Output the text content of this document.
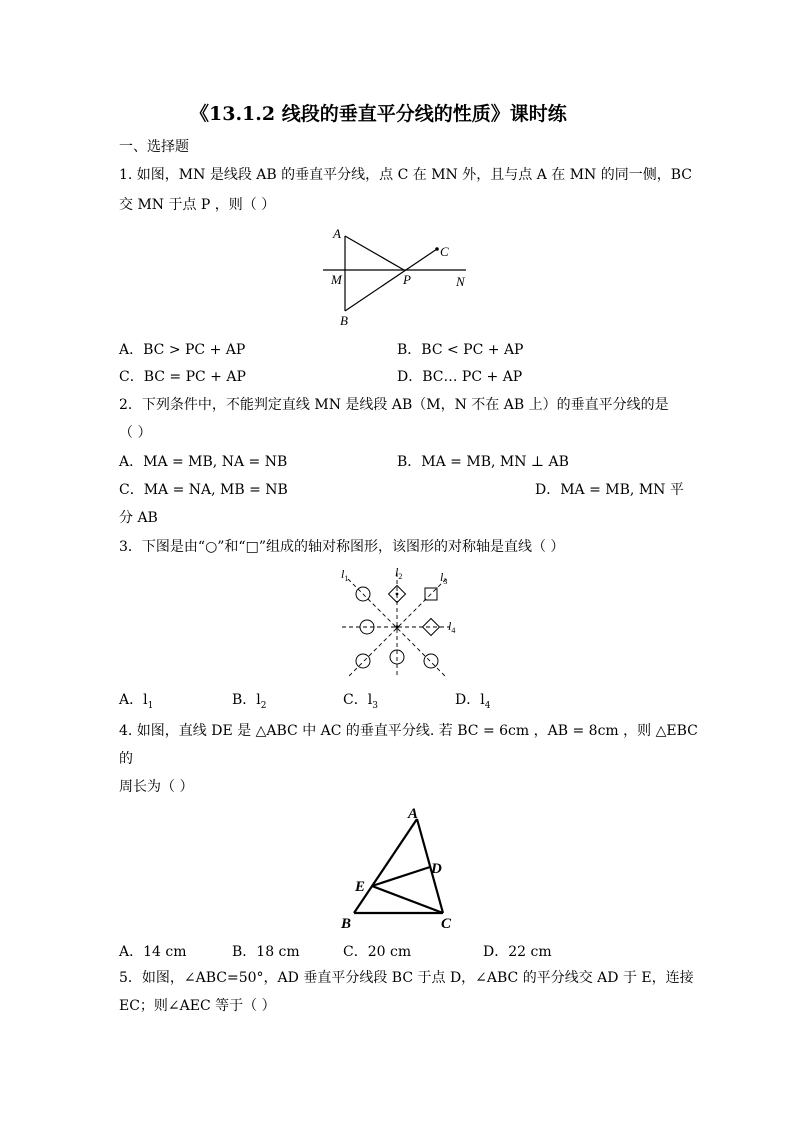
《13.1.2 线段的垂直平分线的性质》课时练
一、选择题
1. 如图，MN 是线段 AB 的垂直平分线，点 C 在 MN 外，且与点 A 在 MN 的同一侧，BC
交 MN 于点 P ，则（ ）
A
M	P	N
C
B
A．BC > PC + AP	B．BC < PC + AP
C．BC = PC + AP	D．BC… PC + AP
2．下列条件中，不能判定直线 MN 是线段 AB（M，N 不在 AB 上）的垂直平分线的是
（ ）
A．MA = MB, NA = NB	B．MA = MB, MN ⊥ AB
C．MA = NA, MB = NB	D．MA = MB, MN 平
分 AB
3．下图是由“○”和“□”组成的轴对称图形，该图形的对称轴是直线（ ）
$l_1$	$l_2$	$l_3$
$l_4$
A．$l_1$	B．$l_2$	C．$l_3$	D．$l_4$
4. 如图，直线 DE 是 △ABC 中 AC 的垂直平分线. 若 BC = 6cm ，AB = 8cm ，则 △EBC
的
周长为（ ）
A
D
E
B	C
A．14 cm	B．18 cm	C．20 cm	D．22 cm
5．如图，∠ABC=50°，AD 垂直平分线段 BC 于点 D，∠ABC 的平分线交 AD 于 E，连接
EC；则∠AEC 等于（ ）
